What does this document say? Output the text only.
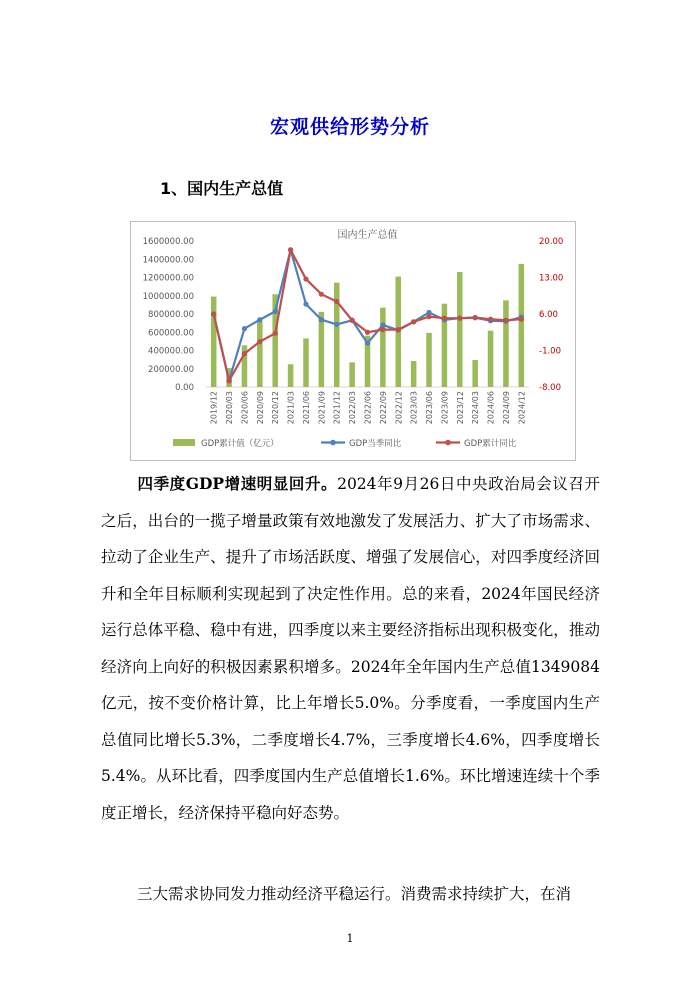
宏观供给形势分析
1、国内生产总值
国内生产总值
0.00
200000.00
400000.00
600000.00
800000.00
1000000.00
1200000.00
1400000.00
1600000.00
-8.00
-1.00
6.00
13.00
20.00
2019/12 2020/03 2020/06 2020/09 2020/12 2021/03 2021/06 2021/09 2021/12 2022/03 2022/06 2022/09 2022/12 2023/03 2023/06 2023/09 2023/12 2024/03 2024/06 2024/09 2024/12
GDP累计值（亿元）	GDP当季同比	GDP累计同比
四季度GDP增速明显回升。2024年9月26日中央政治局会议召开之后，出台的一揽子增量政策有效地激发了发展活力、扩大了市场需求、拉动了企业生产、提升了市场活跃度、增强了发展信心，对四季度经济回升和全年目标顺利实现起到了决定性作用。总的来看，2024年国民经济运行总体平稳、稳中有进，四季度以来主要经济指标出现积极变化，推动经济向上向好的积极因素累积增多。2024年全年国内生产总值1349084亿元，按不变价格计算，比上年增长5.0%。分季度看，一季度国内生产总值同比增长5.3%，二季度增长4.7%，三季度增长4.6%，四季度增长5.4%。从环比看，四季度国内生产总值增长1.6%。环比增速连续十个季度正增长，经济保持平稳向好态势。
三大需求协同发力推动经济平稳运行。消费需求持续扩大，在消
1
